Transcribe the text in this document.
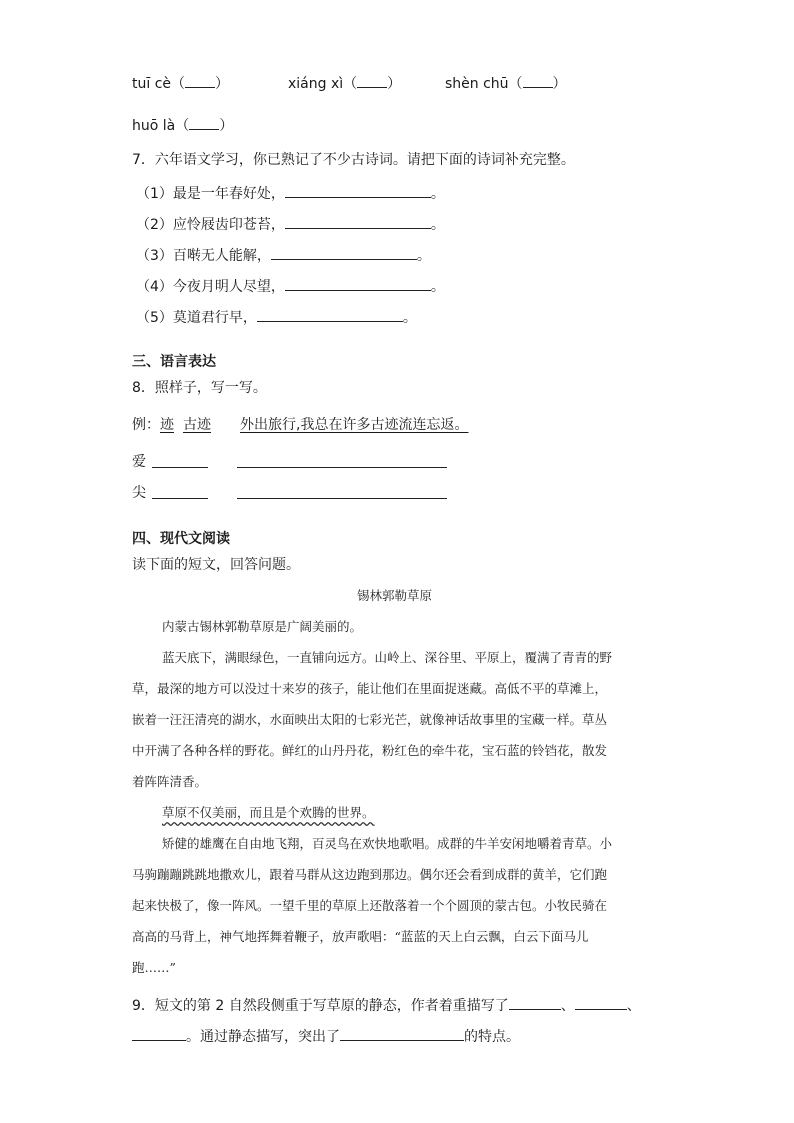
tuī cè（ ）	xiáng xì（ ）	shèn chū（ ）
huō là（ ）
7．六年语文学习，你已熟记了不少古诗词。请把下面的诗词补充完整。
（1）最是一年春好处，	。
（2）应怜屐齿印苍苔，	。
（3）百啭无人能解，	。
（4）今夜月明人尽望，	。
（5）莫道君行早，	。
三、语言表达
8．照样子，写一写。
例： 迹 古迹 外出旅行,我总在许多古迹流连忘返。
爱
尖
四、现代文阅读
读下面的短文，回答问题。
锡林郭勒草原
内蒙古锡林郭勒草原是广阔美丽的。
蓝天底下，满眼绿色，一直铺向远方。山岭上、深谷里、平原上，覆满了青青的野
草，最深的地方可以没过十来岁的孩子，能让他们在里面捉迷藏。高低不平的草滩上，
嵌着一汪汪清亮的湖水，水面映出太阳的七彩光芒，就像神话故事里的宝藏一样。草丛
中开满了各种各样的野花。鲜红的山丹丹花，粉红色的牵牛花，宝石蓝的铃铛花，散发
着阵阵清香。
草原不仅美丽，而且是个欢腾的世界。
矫健的雄鹰在自由地飞翔，百灵鸟在欢快地歌唱。成群的牛羊安闲地嚼着青草。小
马驹蹦蹦跳跳地撒欢儿，跟着马群从这边跑到那边。偶尔还会看到成群的黄羊，它们跑
起来快极了，像一阵风。一望千里的草原上还散落着一个个圆顶的蒙古包。小牧民骑在
高高的马背上，神气地挥舞着鞭子，放声歌唱：“蓝蓝的天上白云飘，白云下面马儿
跑……”
9．短文的第 2 自然段侧重于写草原的静态，作者着重描写了	、	、
。通过静态描写，突出了	的特点。
